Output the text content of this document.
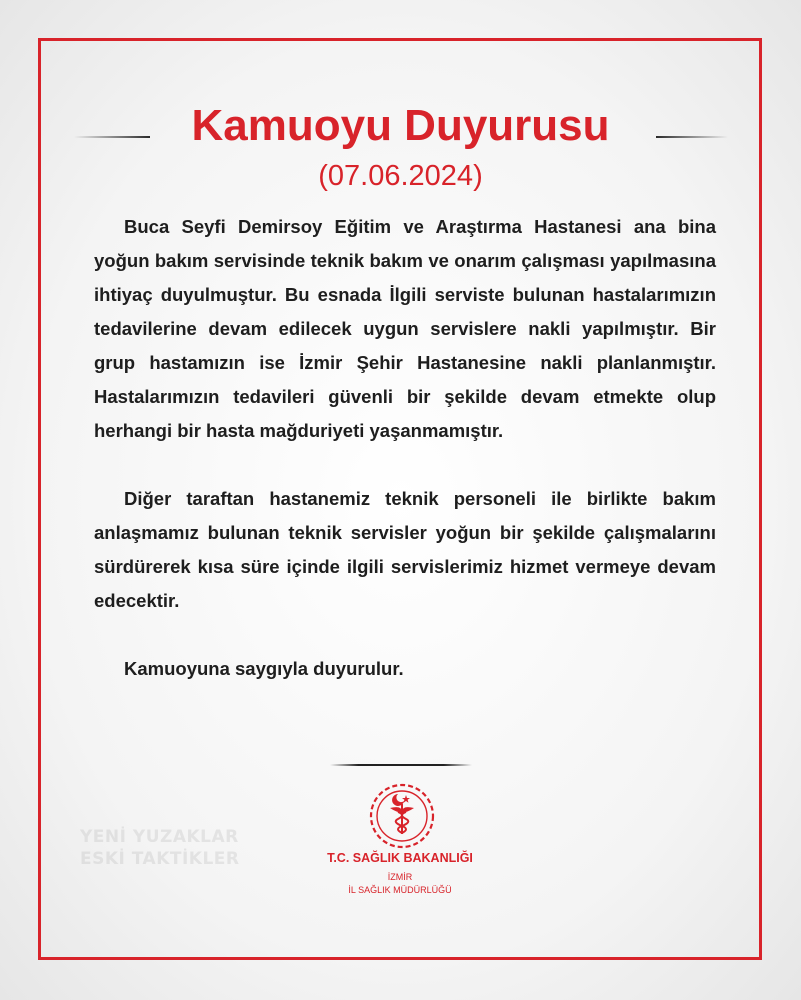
Kamuoyu Duyurusu
(07.06.2024)

Buca Seyfi Demirsoy Eğitim ve Araştırma Hastanesi ana bina yoğun bakım servisinde teknik bakım ve onarım çalışması yapılmasına ihtiyaç duyulmuştur. Bu esnada İlgili serviste bulunan hastalarımızın tedavilerine devam edilecek uygun servislere nakli yapılmıştır. Bir grup hastamızın ise İzmir Şehir Hastanesine nakli planlanmıştır. Hastalarımızın tedavileri güvenli bir şekilde devam etmekte olup herhangi bir hasta mağduriyeti yaşanmamıştır.

Diğer taraftan hastanemiz teknik personeli ile birlikte bakım anlaşmamız bulunan teknik servisler yoğun bir şekilde çalışmalarını sürdürerek kısa süre içinde ilgili servislerimiz hizmet vermeye devam edecektir.

Kamuoyuna saygıyla duyurulur.

T.C. SAĞLIK BAKANLIĞI
İZMİR
İL SAĞLIK MÜDÜRLÜĞÜ
YENİ YUZAKLAR
ESKİ TAKTİKLER
